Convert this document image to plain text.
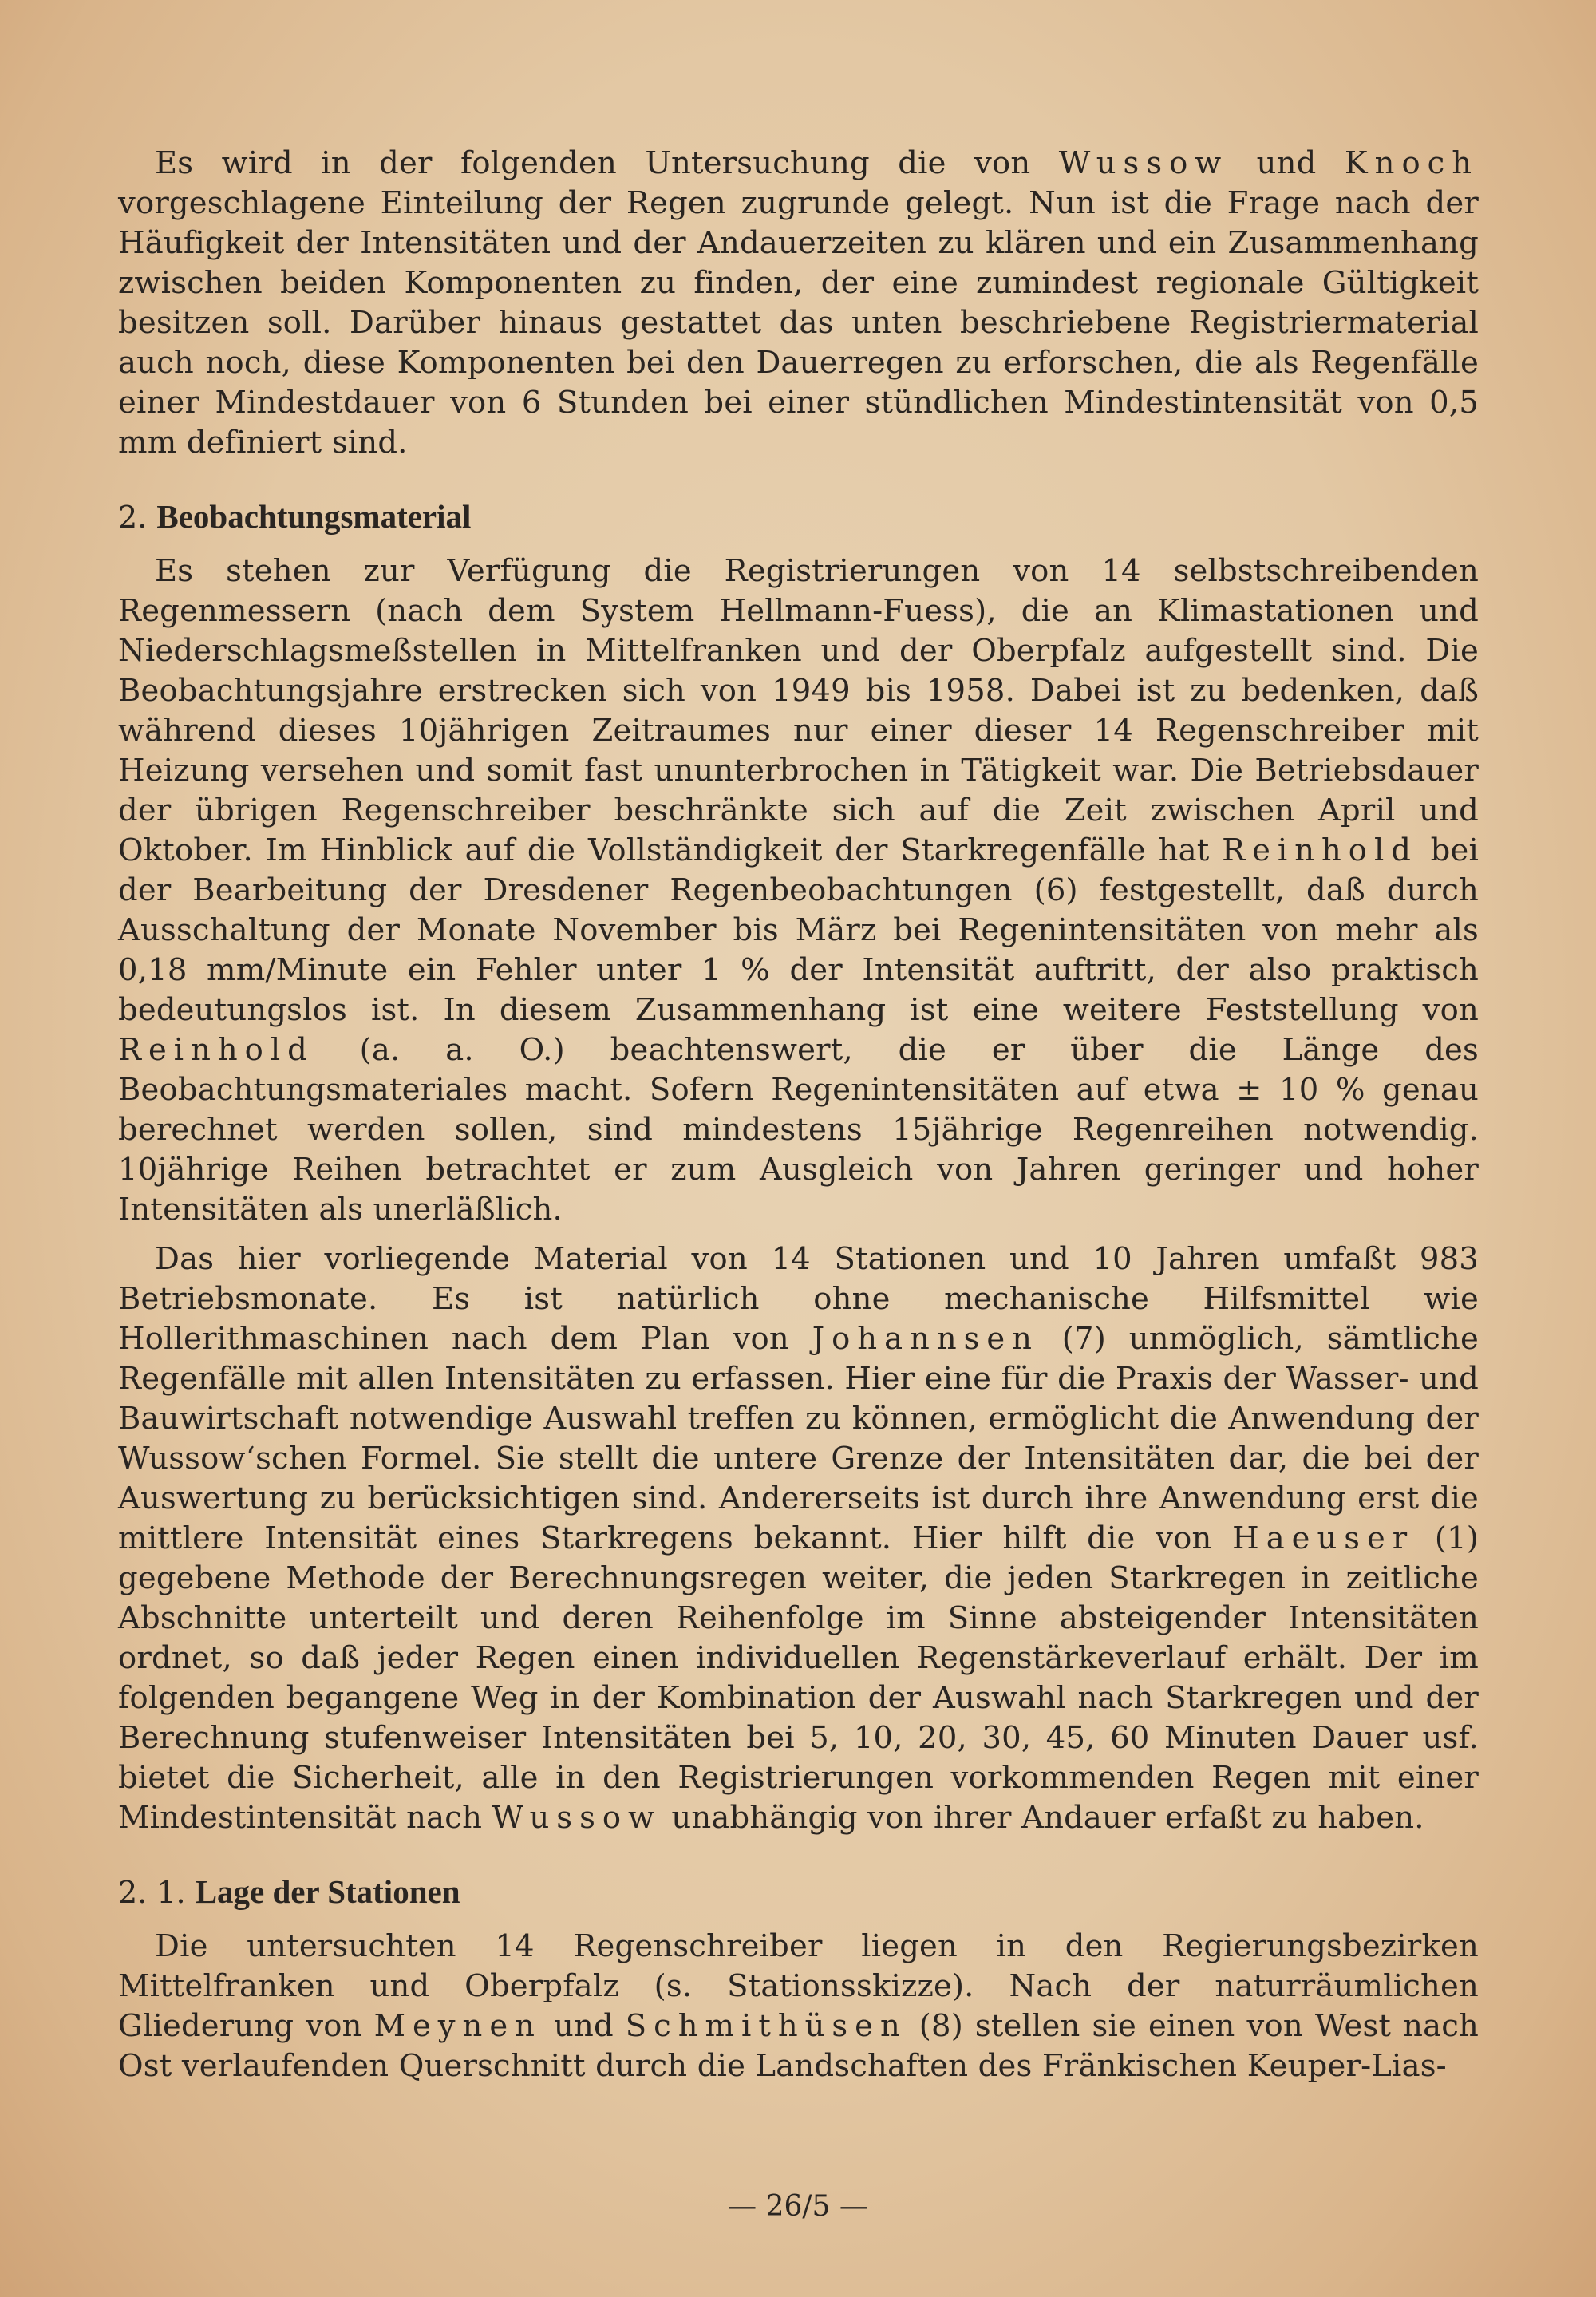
Es wird in der folgenden Untersuchung die von Wussow und Knoch vorgeschlagene Einteilung der Regen zugrunde gelegt. Nun ist die Frage nach der Häufigkeit der Intensitäten und der Andauerzeiten zu klären und ein Zusammenhang zwischen beiden Komponenten zu finden, der eine zumindest regionale Gültigkeit besitzen soll. Darüber hinaus gestattet das unten beschriebene Registriermaterial auch noch, diese Komponenten bei den Dauerregen zu erforschen, die als Regenfälle einer Mindestdauer von 6 Stunden bei einer stündlichen Mindestintensität von 0,5 mm definiert sind.

2. Beobachtungsmaterial

Es stehen zur Verfügung die Registrierungen von 14 selbstschreibenden Regenmessern (nach dem System Hellmann-Fuess), die an Klimastationen und Niederschlagsmeßstellen in Mittelfranken und der Oberpfalz aufgestellt sind. Die Beobachtungsjahre erstrecken sich von 1949 bis 1958. Dabei ist zu bedenken, daß während dieses 10jährigen Zeitraumes nur einer dieser 14 Regenschreiber mit Heizung versehen und somit fast ununterbrochen in Tätigkeit war. Die Betriebsdauer der übrigen Regenschreiber beschränkte sich auf die Zeit zwischen April und Oktober. Im Hinblick auf die Vollständigkeit der Starkregenfälle hat Reinhold bei der Bearbeitung der Dresdener Regenbeobachtungen (6) festgestellt, daß durch Ausschaltung der Monate November bis März bei Regenintensitäten von mehr als 0,18 mm/Minute ein Fehler unter 1 % der Intensität auftritt, der also praktisch bedeutungslos ist. In diesem Zusammenhang ist eine weitere Feststellung von Reinhold (a. a. O.) beachtenswert, die er über die Länge des Beobachtungsmateriales macht. Sofern Regenintensitäten auf etwa ± 10 % genau berechnet werden sollen, sind mindestens 15jährige Regenreihen notwendig. 10jährige Reihen betrachtet er zum Ausgleich von Jahren geringer und hoher Intensitäten als unerläßlich.

Das hier vorliegende Material von 14 Stationen und 10 Jahren umfaßt 983 Betriebsmonate. Es ist natürlich ohne mechanische Hilfsmittel wie Hollerithmaschinen nach dem Plan von Johannsen (7) unmöglich, sämtliche Regenfälle mit allen Intensitäten zu erfassen. Hier eine für die Praxis der Wasser- und Bauwirtschaft notwendige Auswahl treffen zu können, ermöglicht die Anwendung der Wussow‘schen Formel. Sie stellt die untere Grenze der Intensitäten dar, die bei der Auswertung zu berücksichtigen sind. Andererseits ist durch ihre Anwendung erst die mittlere Intensität eines Starkregens bekannt. Hier hilft die von Haeuser (1) gegebene Methode der Berechnungsregen weiter, die jeden Starkregen in zeitliche Abschnitte unterteilt und deren Reihenfolge im Sinne absteigender Intensitäten ordnet, so daß jeder Regen einen individuellen Regenstärkeverlauf erhält. Der im folgenden begangene Weg in der Kombination der Auswahl nach Starkregen und der Berechnung stufenweiser Intensitäten bei 5, 10, 20, 30, 45, 60 Minuten Dauer usf. bietet die Sicherheit, alle in den Registrierungen vorkommenden Regen mit einer Mindestintensität nach Wussow unabhängig von ihrer Andauer erfaßt zu haben.

2. 1. Lage der Stationen

Die untersuchten 14 Regenschreiber liegen in den Regierungsbezirken Mittelfranken und Oberpfalz (s. Stationsskizze). Nach der naturräumlichen Gliederung von Meynen und Schmithüsen (8) stellen sie einen von West nach Ost verlaufenden Querschnitt durch die Landschaften des Fränkischen Keuper-Lias-

— 26/5 —
